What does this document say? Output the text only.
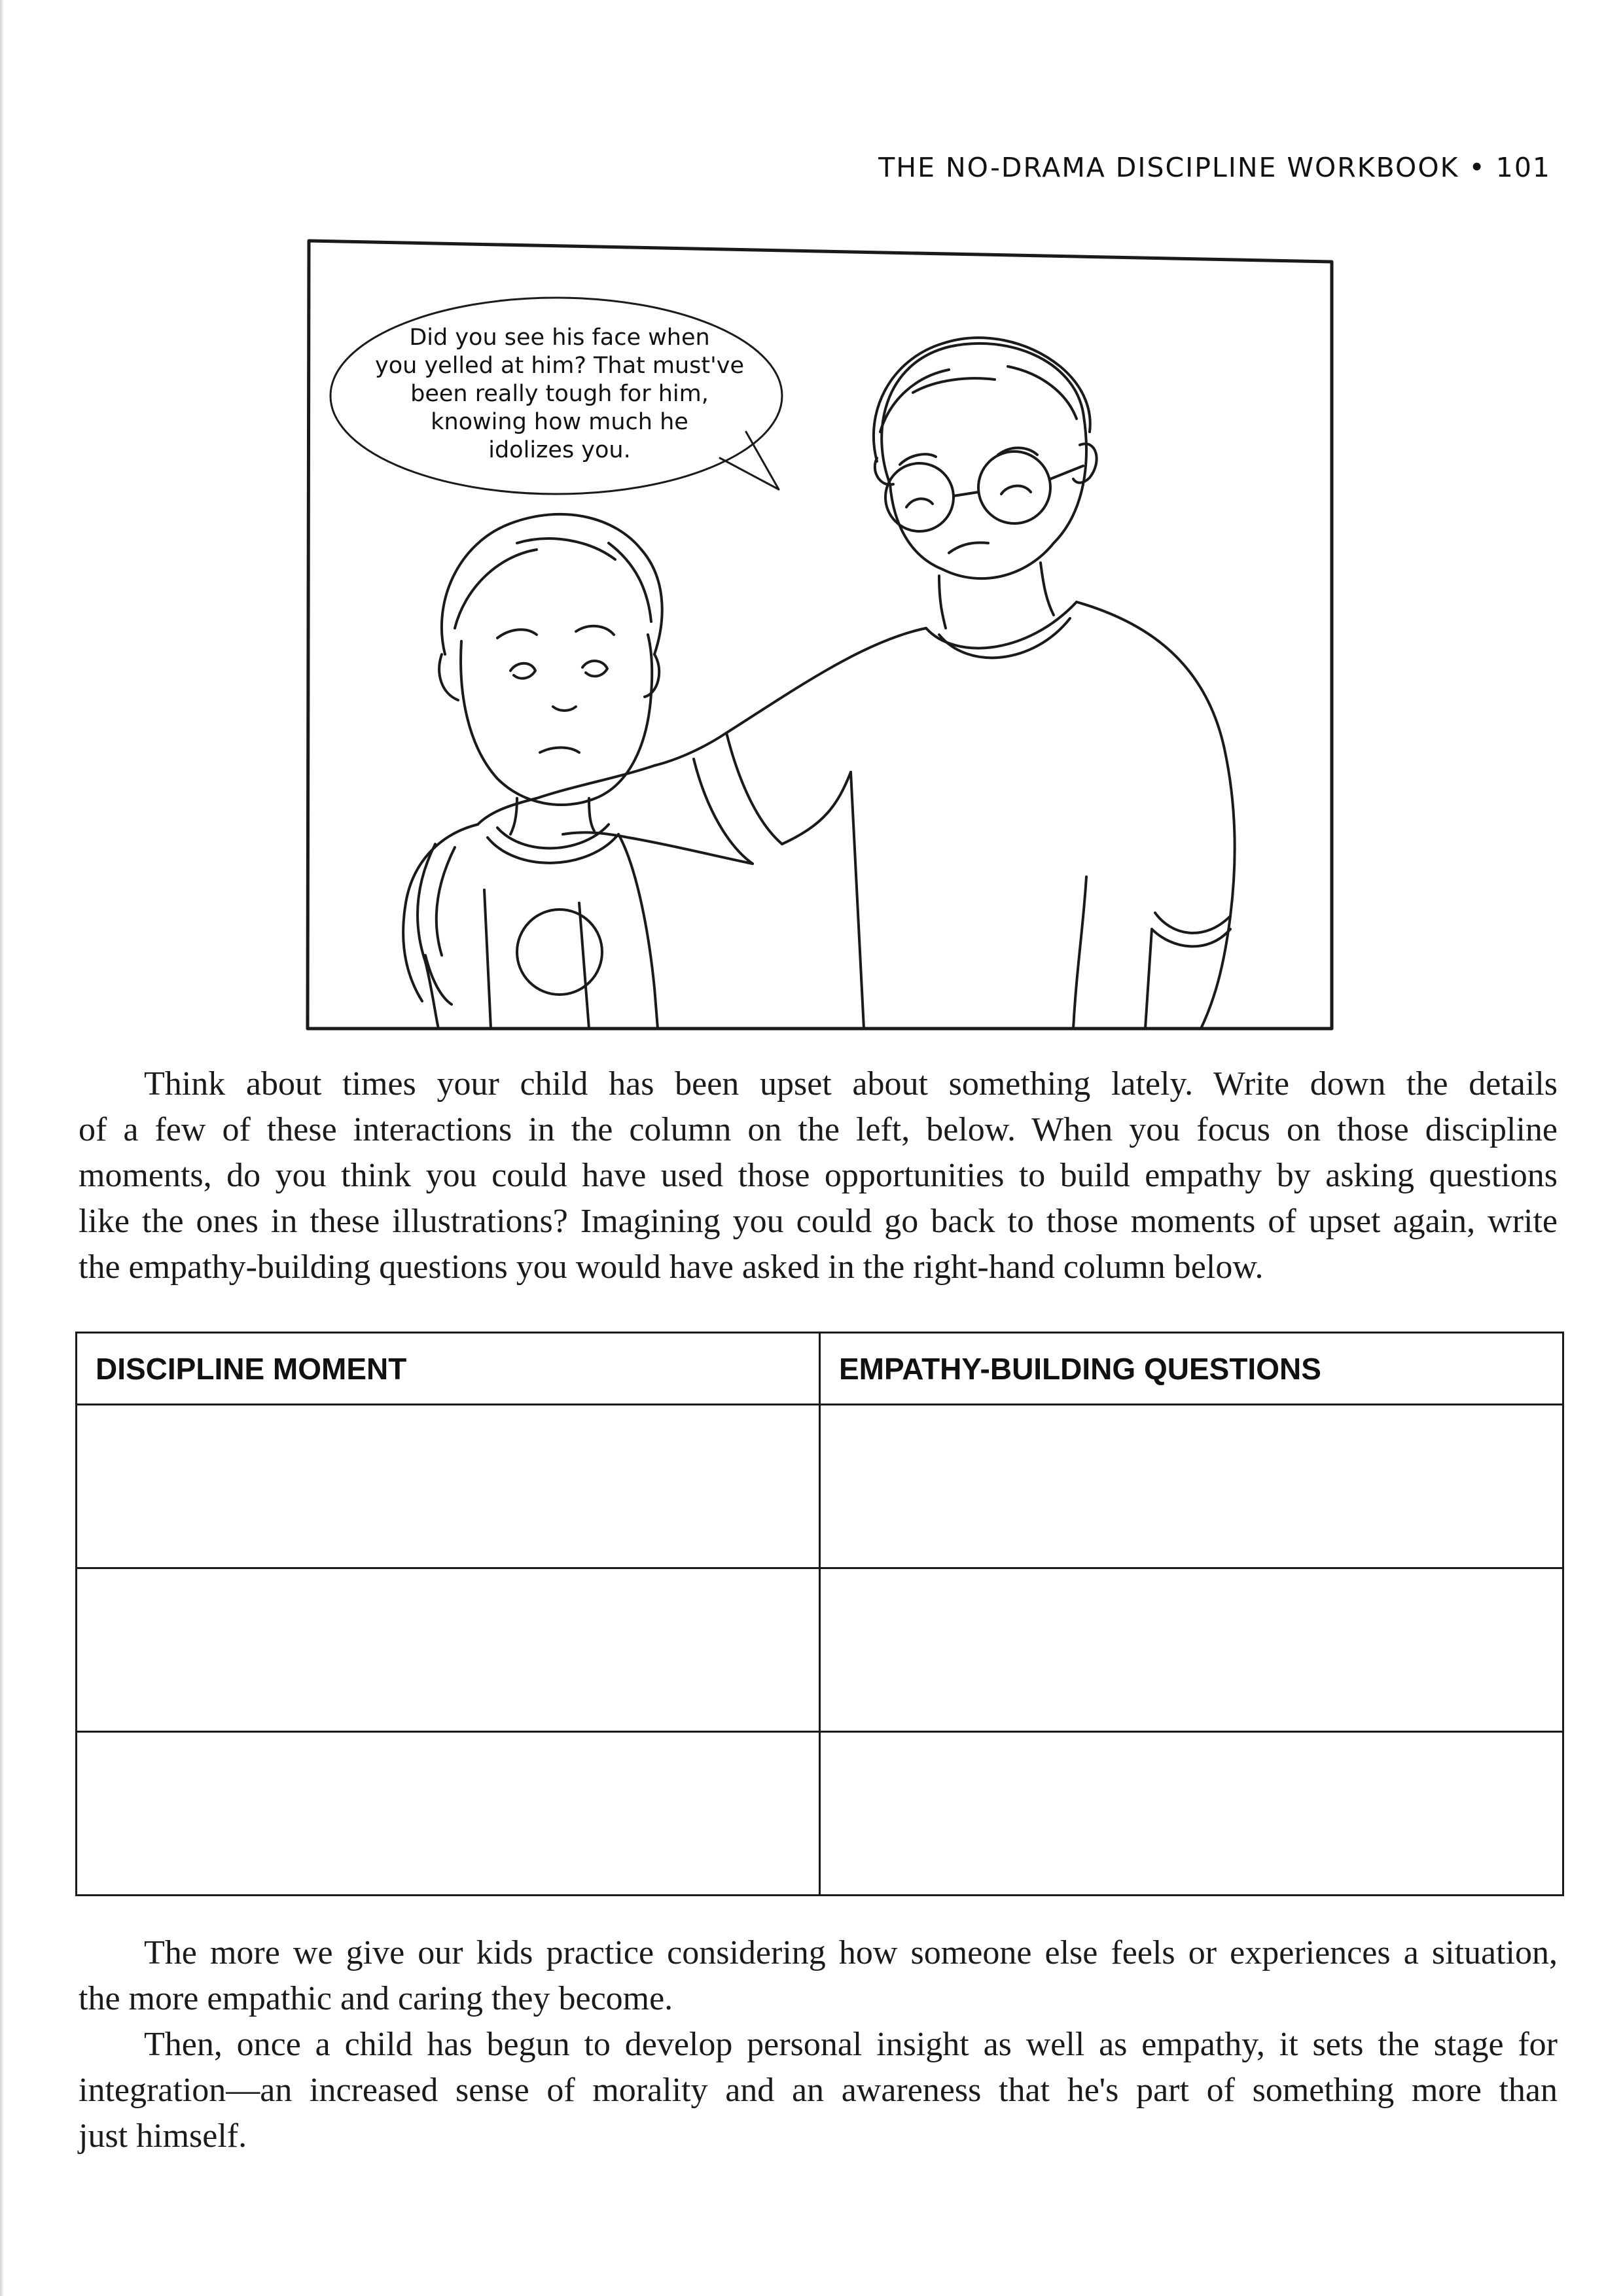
THE NO-DRAMA DISCIPLINE WORKBOOK • 101
Did you see his face when
you yelled at him? That must've
been really tough for him,
knowing how much he
idolizes you.
Think about times your child has been upset about something lately. Write down the details
of a few of these interactions in the column on the left, below. When you focus on those discipline
moments, do you think you could have used those opportunities to build empathy by asking questions
like the ones in these illustrations? Imagining you could go back to those moments of upset again, write
the empathy-building questions you would have asked in the right-hand column below.
DISCIPLINE MOMENT	EMPATHY-BUILDING QUESTIONS

The more we give our kids practice considering how someone else feels or experiences a situation,
the more empathic and caring they become.
Then, once a child has begun to develop personal insight as well as empathy, it sets the stage for
integration—an increased sense of morality and an awareness that he's part of something more than
just himself.
